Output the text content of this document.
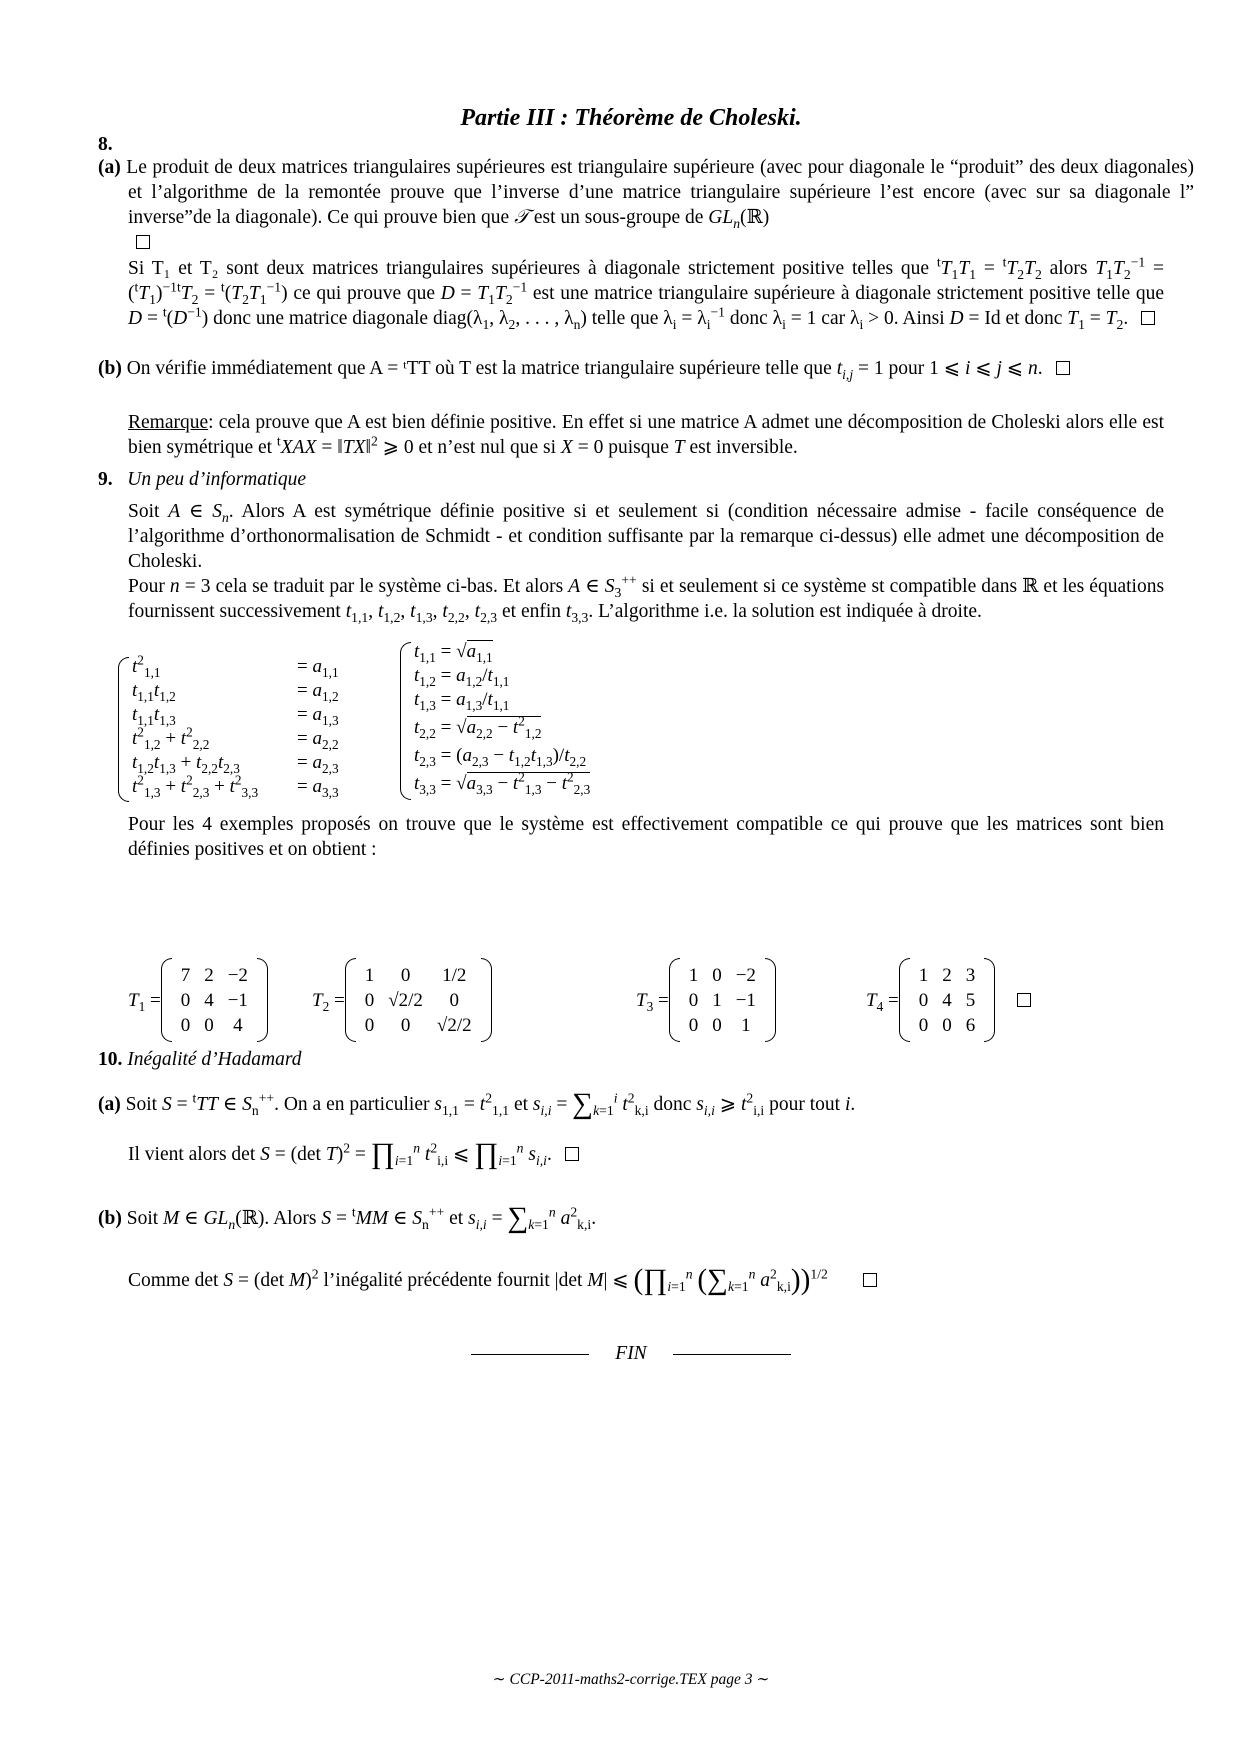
Partie III : Théorème de Choleski.
8.
(a) Le produit de deux matrices triangulaires supérieures est triangulaire supérieure (avec pour diagonale le “produit” des deux diagonales) et l’algorithme de la remontée prouve que l’inverse d’une matrice triangulaire supérieure l’est encore (avec sur sa diagonale l” inverse”de la diagonale). Ce qui prouve bien que 𝒯 est un sous-groupe de $GL_n(ℝ)$

Si T₁ et T₂ sont deux matrices triangulaires supérieures à diagonale strictement positive telles que $^tT_1T_1 = ^tT_2T_2$ alors $T_1T_2^{-1} = (^tT_1)^{-1t}T_2 = ^t(T_2T_1^{-1})$ ce qui prouve que $D = T_1T_2^{-1}$ est une matrice triangulaire supérieure à diagonale strictement positive telle que $D = ^t(D^{-1})$ donc une matrice diagonale $diag(\lambda_1$, $\lambda_2$, . . . , $\lambda_n$) telle que $\lambda_i = \lambda_i^{-1}$ donc $\lambda_i = 1$ car $\lambda_i > 0$. Ainsi D = Id et donc $T_1 = T_2$.
(b) On vérifie immédiatement que A = ᵗTT où T est la matrice triangulaire supérieure telle que $t_{i,j} = 1$ pour 1 ⩽ i ⩽ j ⩽ n.
Remarque: cela prouve que A est bien définie positive. En effet si une matrice A admet une décomposition de Choleski alors elle est bien symétrique et $^t$XAX = ‖TX‖$^2$ ⩾ 0 et n’est nul que si X = 0 puisque T est inversible.
9. Un peu d’informatique
Soit A ∈ $S_n$. Alors A est symétrique définie positive si et seulement si (condition nécessaire admise - facile conséquence de l’algorithme d’orthonormalisation de Schmidt - et condition suffisante par la remarque ci-dessus) elle admet une décomposition de Choleski.
Pour n = 3 cela se traduit par le système ci-bas. Et alors A ∈ $S_3^{++}$ si et seulement si ce système st compatible dans ℝ et les équations fournissent successivement $t_{1,1}$, $t_{1,2}$, $t_{1,3}$, $t_{2,2}$, $t_{2,3}$ et enfin $t_{3,3}$. L’algorithme i.e. la solution est indiquée à droite.
$t^2_{1,1}$	= $a_{1,1}$
$t_{1,1}t_{1,2}$	= $a_{1,2}$
$t_{1,1}t_{1,3}$	= $a_{1,3}$
$t^2_{1,2} + t^2_{2,2}$	= $a_{2,2}$
$t_{1,2}t_{1,3} + t_{2,2}t_{2,3}$	= $a_{2,3}$
$t^2_{1,3} + t^2_{2,3} + t^2_{3,3} = a_{3,3}$
$t_{1,1} = √a_{1,1}$
$t_{1,2} = a_{1,2}/t_{1,1}$
$t_{1,3} = a_{1,3}/t_{1,1}$
$t_{2,2} = √a_{2,2} - t^2_{1,2}$
$t_{2,3} = (a_{2,3} - t_{1,2}t_{1,3})/t_{2,2}$
$t_{3,3} = √a_{3,3} - t^2_{1,3} - t^2_{2,3}$
Pour les 4 exemples proposés on trouve que le système est effectivement compatible ce qui prouve que les matrices sont bien définies positives et on obtient :
$T_1$ =
7	2	−2
0	4	−1
0	0	4
$T_2$ =
1	0	1/2
0	√2/2	0
0	0	√2/2
$T_3$ =
1	0	−2
0	1	−1
0	0	1
$T_4$ =
1	2	3
0	4	5
0	0	6
10. Inégalité d’Hadamard
(a) Soit S = $^t$TT ∈ $S_n^{++}$. On a en particulier $s_{1,1} = t^2_{1,1}$ et $s_{i,i} = \sum_{k=1}^i$ $t^2_{k,i}$ donc $s_{i,i}$ ⩾ $t^2_{i,i}$ pour tout i.
Il vient alors det S = (det $T)^2 = \prod_{i=1}^n$ $t^2_{i,i}$ ⩽ $\prod_{i=1}^n$ $s_{i,i}$.
(b) Soit M ∈ $GL_n(ℝ)$. Alors S = $^t$MM ∈ $S_n^{++}$ et $s_{i,i} = \sum_{k=1}^n$ $a^2_{k,i}$.
Comme det S = (det M)$^2$ l’inégalité précédente fournit |det M| ⩽ ($\prod_{i=1}^n$ ($\sum_{k=1}^n$ $a^2_{k,i}))^{1/2}$
FIN
∼ CCP-2011-maths2-corrige.TEX page 3 ∼
